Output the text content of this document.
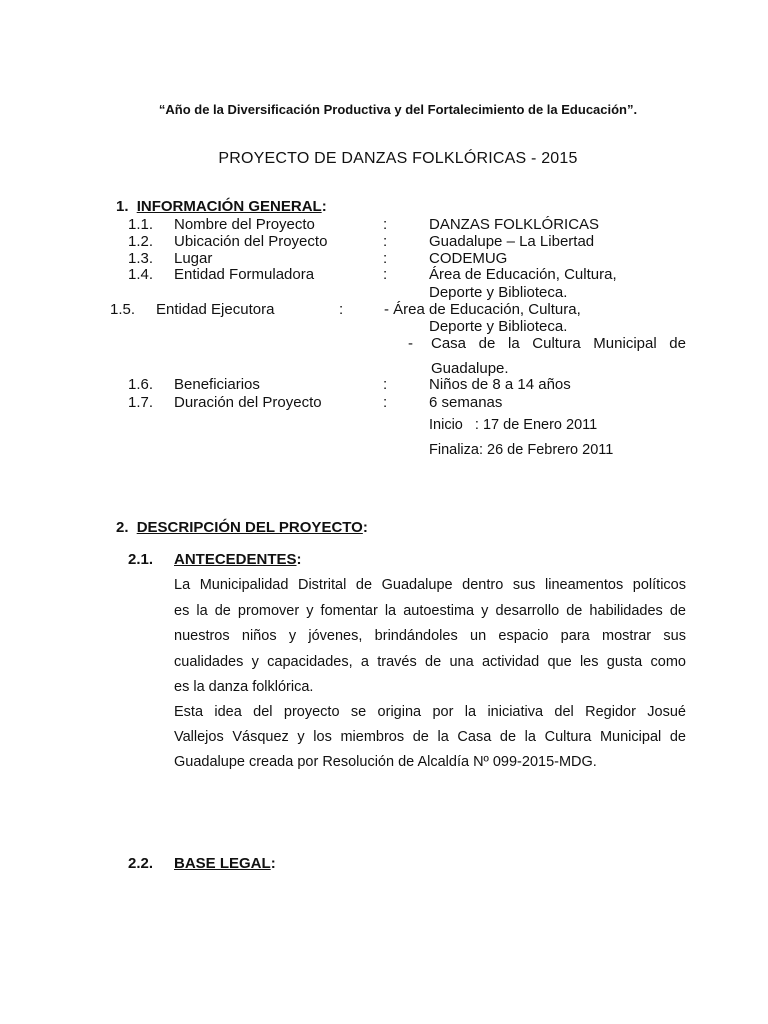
“Año de la Diversificación Productiva y del Fortalecimiento de la Educación”.
PROYECTO DE DANZAS FOLKLÓRICAS - 2015
1. INFORMACIÓN GENERAL:
1.1. Nombre del Proyecto	:	DANZAS FOLKLÓRICAS
1.2. Ubicación del Proyecto	:	Guadalupe – La Libertad
1.3. Lugar	:	CODEMUG
1.4. Entidad Formuladora	:	Área de Educación, Cultura,
Deporte y Biblioteca.
1.5. Entidad Ejecutora	:	- Área de Educación, Cultura,
Deporte y Biblioteca.
- Casa de la Cultura Municipal de
Guadalupe.
1.6. Beneficiarios	:	Niños de 8 a 14 años
1.7. Duración del Proyecto	:	6 semanas
Inicio   : 17 de Enero 2011
Finaliza: 26 de Febrero 2011
2. DESCRIPCIÓN DEL PROYECTO:
2.1. ANTECEDENTES:
La Municipalidad Distrital de Guadalupe dentro sus lineamentos políticos
es la de promover y fomentar la autoestima y desarrollo de habilidades de
nuestros niños y jóvenes, brindándoles un espacio para mostrar sus
cualidades y capacidades, a través de una actividad que les gusta como
es la danza folklórica.
Esta idea del proyecto se origina por la iniciativa del Regidor Josué
Vallejos Vásquez y los miembros de la Casa de la Cultura Municipal de
Guadalupe creada por Resolución de Alcaldía Nº 099-2015-MDG.
2.2. BASE LEGAL:
